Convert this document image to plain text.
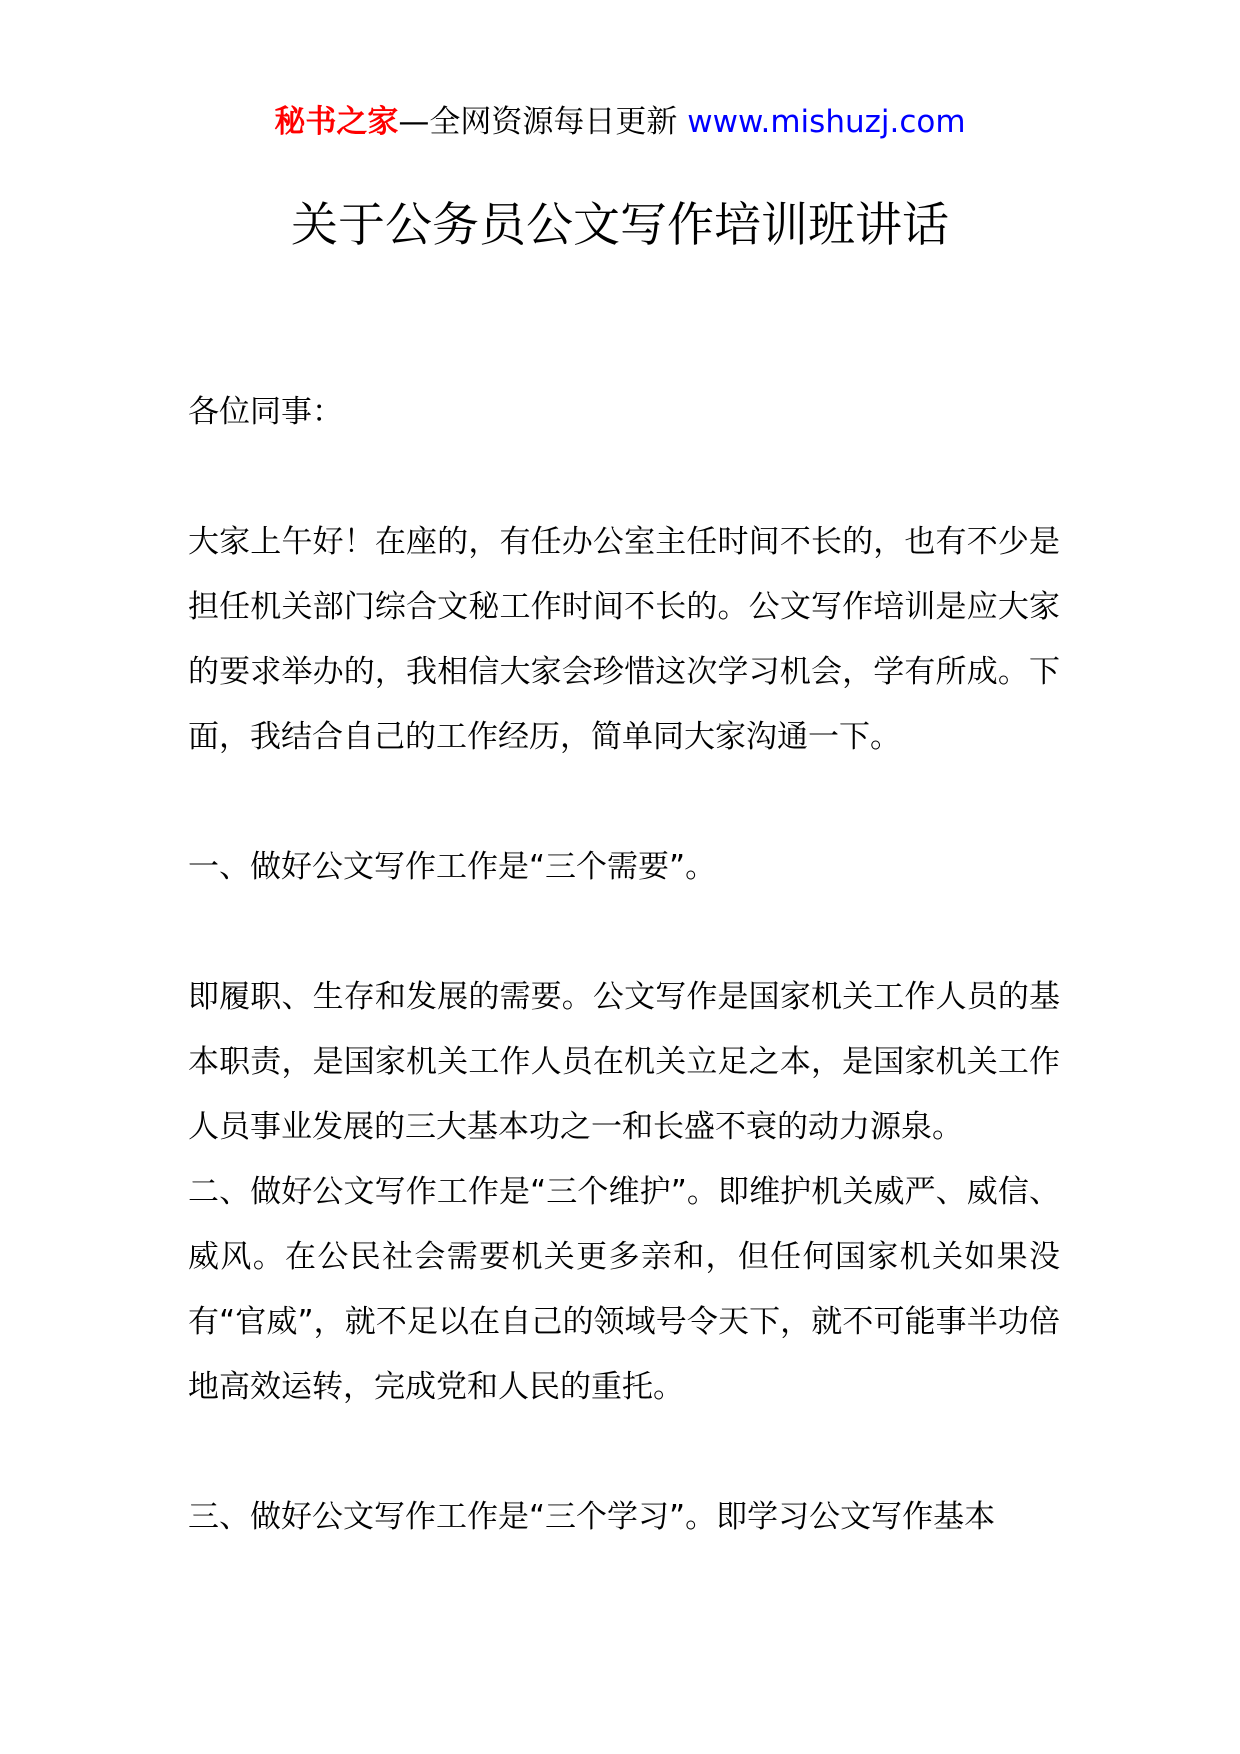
秘书之家—全网资源每日更新 www.mishuzj.com
关于公务员公文写作培训班讲话

各位同事：

大家上午好！在座的，有任办公室主任时间不长的，也有不少是担任机关部门综合文秘工作时间不长的。公文写作培训是应大家的要求举办的，我相信大家会珍惜这次学习机会，学有所成。下面，我结合自己的工作经历，简单同大家沟通一下。

一、做好公文写作工作是“三个需要”。

即履职、生存和发展的需要。公文写作是国家机关工作人员的基本职责，是国家机关工作人员在机关立足之本，是国家机关工作人员事业发展的三大基本功之一和长盛不衰的动力源泉。

二、做好公文写作工作是“三个维护”。即维护机关威严、威信、威风。在公民社会需要机关更多亲和，但任何国家机关如果没有“官威”，就不足以在自己的领域号令天下，就不可能事半功倍地高效运转，完成党和人民的重托。

三、做好公文写作工作是“三个学习”。即学习公文写作基本
